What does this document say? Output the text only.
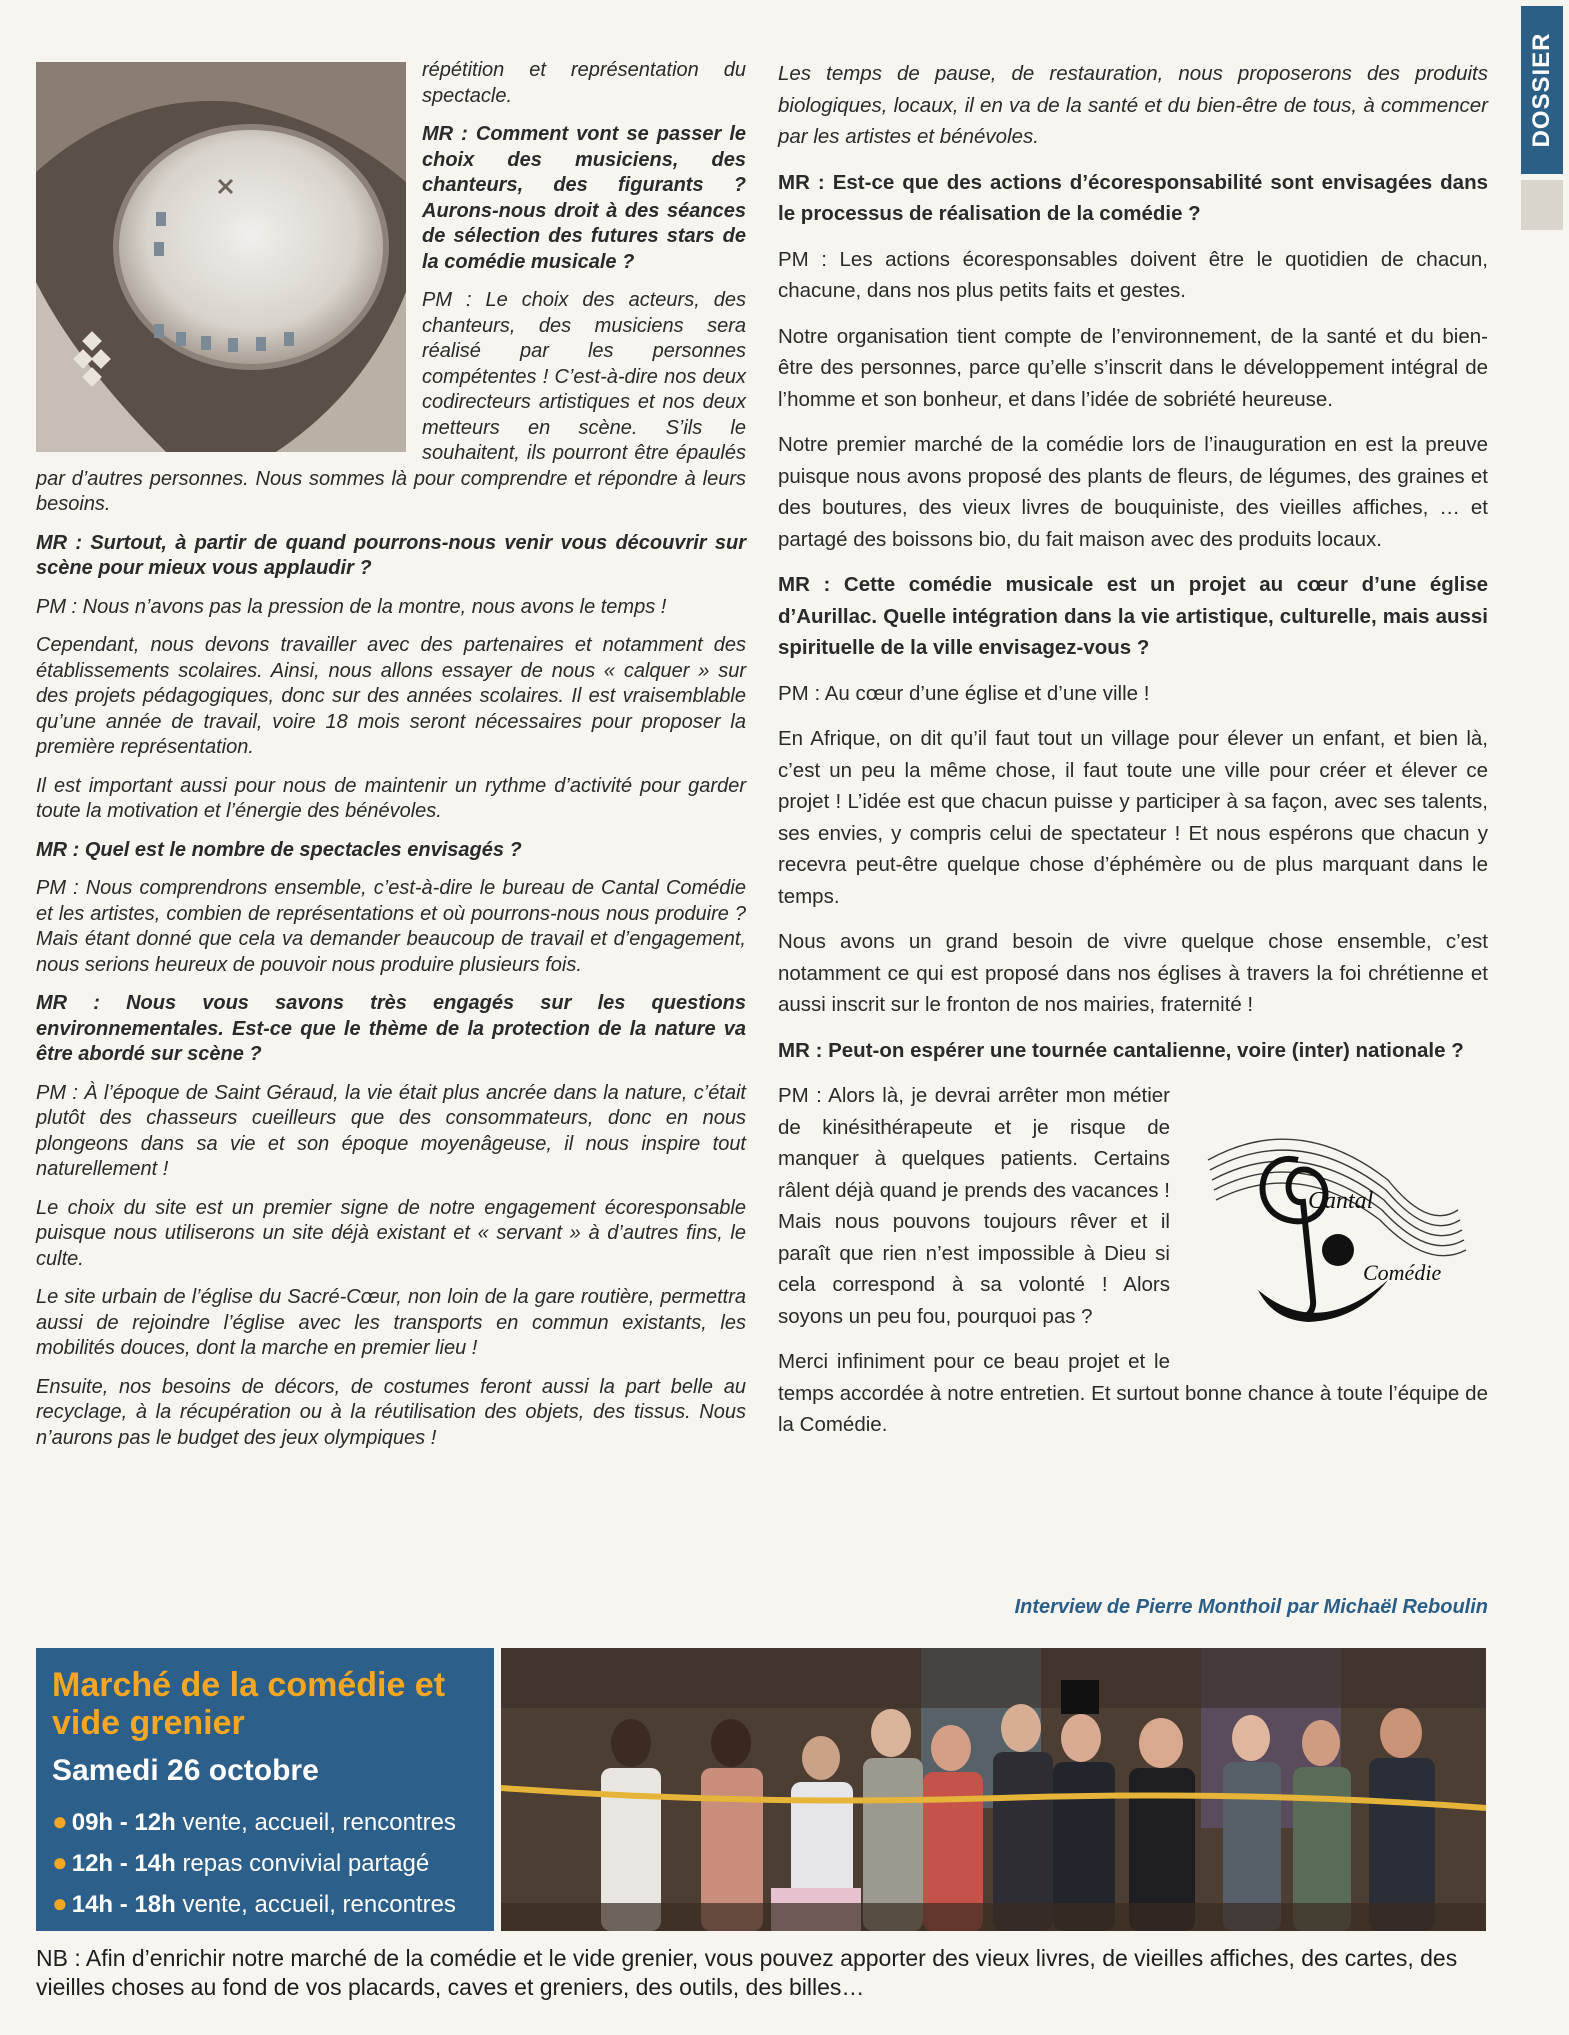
DOSSIER

répétition et représentation du spectacle.

MR : Comment vont se passer le choix des musiciens, des chanteurs, des figurants ? Aurons-nous droit à des séances de sélection des futures stars de la comédie musicale ?

PM : Le choix des acteurs, des chanteurs, des musiciens sera réalisé par les personnes compétentes ! C’est-à-dire nos deux codirecteurs artistiques et nos deux metteurs en scène. S’ils le souhaitent, ils pourront être épaulés par d’autres personnes. Nous sommes là pour comprendre et répondre à leurs besoins.

MR : Surtout, à partir de quand pourrons-nous venir vous découvrir sur scène pour mieux vous applaudir ?

PM : Nous n’avons pas la pression de la montre, nous avons le temps !

Cependant, nous devons travailler avec des partenaires et notamment des établissements scolaires. Ainsi, nous allons essayer de nous « calquer » sur des projets pédagogiques, donc sur des années scolaires. Il est vraisemblable qu’une année de travail, voire 18 mois seront nécessaires pour proposer la première représentation.

Il est important aussi pour nous de maintenir un rythme d’activité pour garder toute la motivation et l’énergie des bénévoles.

MR : Quel est le nombre de spectacles envisagés ?

PM : Nous comprendrons ensemble, c’est-à-dire le bureau de Cantal Comédie et les artistes, combien de représentations et où pourrons-nous nous produire ? Mais étant donné que cela va demander beaucoup de travail et d’engagement, nous serions heureux de pouvoir nous produire plusieurs fois.

MR : Nous vous savons très engagés sur les questions environnementales. Est-ce que le thème de la protection de la nature va être abordé sur scène ?

PM : À l’époque de Saint Géraud, la vie était plus ancrée dans la nature, c’était plutôt des chasseurs cueilleurs que des consommateurs, donc en nous plongeons dans sa vie et son époque moyenâgeuse, il nous inspire tout naturellement !

Le choix du site est un premier signe de notre engagement écoresponsable puisque nous utiliserons un site déjà existant et « servant » à d’autres fins, le culte.

Le site urbain de l’église du Sacré-Cœur, non loin de la gare routière, permettra aussi de rejoindre l’église avec les transports en commun existants, les mobilités douces, dont la marche en premier lieu !

Ensuite, nos besoins de décors, de costumes feront aussi la part belle au recyclage, à la récupération ou à la réutilisation des objets, des tissus. Nous n’aurons pas le budget des jeux olympiques !

Les temps de pause, de restauration, nous proposerons des produits biologiques, locaux, il en va de la santé et du bien-être de tous, à commencer par les artistes et bénévoles.

MR : Est-ce que des actions d’écoresponsabilité sont envisagées dans le processus de réalisation de la comédie ?

PM : Les actions écoresponsables doivent être le quotidien de chacun, chacune, dans nos plus petits faits et gestes.

Notre organisation tient compte de l’environnement, de la santé et du bien-être des personnes, parce qu’elle s’inscrit dans le développement intégral de l’homme et son bonheur, et dans l’idée de sobriété heureuse.

Notre premier marché de la comédie lors de l’inauguration en est la preuve puisque nous avons proposé des plants de fleurs, de légumes, des graines et des boutures, des vieux livres de bouquiniste, des vieilles affiches, … et partagé des boissons bio, du fait maison avec des produits locaux.

MR : Cette comédie musicale est un projet au cœur d’une église d’Aurillac. Quelle intégration dans la vie artistique, culturelle, mais aussi spirituelle de la ville envisagez-vous ?

PM : Au cœur d’une église et d’une ville !

En Afrique, on dit qu’il faut tout un village pour élever un enfant, et bien là, c’est un peu la même chose, il faut toute une ville pour créer et élever ce projet ! L’idée est que chacun puisse y participer à sa façon, avec ses talents, ses envies, y compris celui de spectateur ! Et nous espérons que chacun y recevra peut-être quelque chose d’éphémère ou de plus marquant dans le temps.

Nous avons un grand besoin de vivre quelque chose ensemble, c’est notamment ce qui est proposé dans nos églises à travers la foi chrétienne et aussi inscrit sur le fronton de nos mairies, fraternité !

MR : Peut-on espérer une tournée cantalienne, voire (inter) nationale ?

Cantal
Comédie

PM : Alors là, je devrai arrêter mon métier de kinésithérapeute et je risque de manquer à quelques patients. Certains râlent déjà quand je prends des vacances ! Mais nous pouvons toujours rêver et il paraît que rien n’est impossible à Dieu si cela correspond à sa volonté ! Alors soyons un peu fou, pourquoi pas ?

Merci infiniment pour ce beau projet et le temps accordée à notre entretien. Et surtout bonne chance à toute l’équipe de la Comédie.

Interview de Pierre Monthoil par Michaël Reboulin
Marché de la comédie et vide grenier
Samedi 26 octobre
● 09h - 12h vente, accueil, rencontres
● 12h - 14h repas convivial partagé
● 14h - 18h vente, accueil, rencontres
NB : Afin d’enrichir notre marché de la comédie et le vide grenier, vous pouvez apporter des vieux livres, de vieilles affiches, des cartes, des vieilles choses au fond de vos placards, caves et greniers, des outils, des billes…
